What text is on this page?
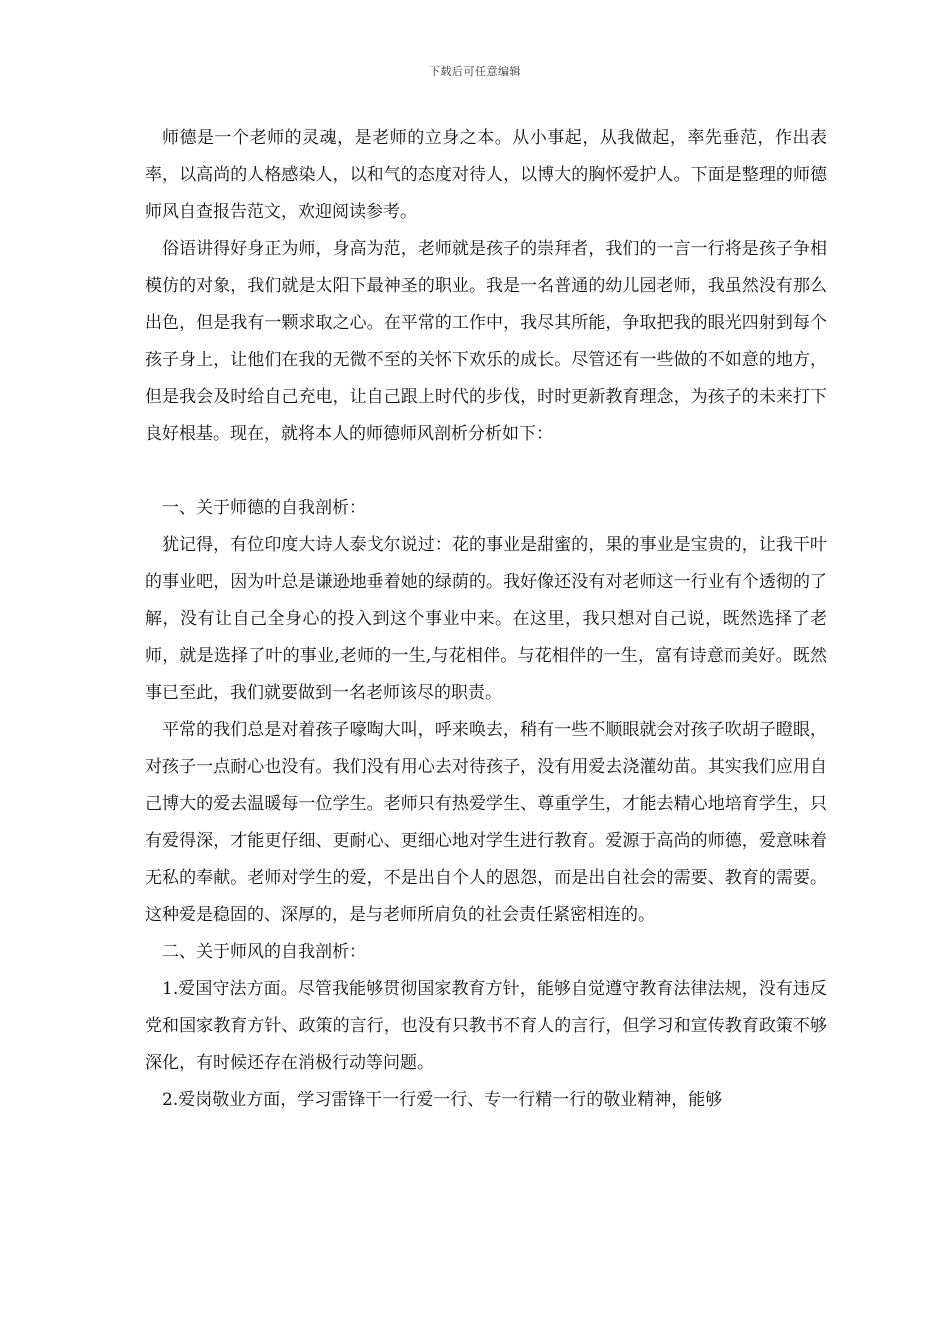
下载后可任意编辑

师德是一个老师的灵魂，是老师的立身之本。从小事起，从我做起，率先垂范，作出表率，以高尚的人格感染人，以和气的态度对待人，以博大的胸怀爱护人。下面是整理的师德师风自查报告范文，欢迎阅读参考。

俗语讲得好身正为师，身高为范，老师就是孩子的崇拜者，我们的一言一行将是孩子争相模仿的对象，我们就是太阳下最神圣的职业。我是一名普通的幼儿园老师，我虽然没有那么出色，但是我有一颗求取之心。在平常的工作中，我尽其所能，争取把我的眼光四射到每个孩子身上，让他们在我的无微不至的关怀下欢乐的成长。尽管还有一些做的不如意的地方，但是我会及时给自己充电，让自己跟上时代的步伐，时时更新教育理念，为孩子的未来打下良好根基。现在，就将本人的师德师风剖析分析如下：

一、关于师德的自我剖析：

犹记得，有位印度大诗人泰戈尔说过：花的事业是甜蜜的，果的事业是宝贵的，让我干叶的事业吧，因为叶总是谦逊地垂着她的绿荫的。我好像还没有对老师这一行业有个透彻的了解，没有让自己全身心的投入到这个事业中来。在这里，我只想对自己说，既然选择了老师，就是选择了叶的事业,老师的一生,与花相伴。与花相伴的一生，富有诗意而美好。既然事已至此，我们就要做到一名老师该尽的职责。

平常的我们总是对着孩子嚎啕大叫，呼来唤去，稍有一些不顺眼就会对孩子吹胡子瞪眼，对孩子一点耐心也没有。我们没有用心去对待孩子，没有用爱去浇灌幼苗。其实我们应用自己博大的爱去温暖每一位学生。老师只有热爱学生、尊重学生，才能去精心地培育学生，只有爱得深，才能更仔细、更耐心、更细心地对学生进行教育。爱源于高尚的师德，爱意味着无私的奉献。老师对学生的爱，不是出自个人的恩怨，而是出自社会的需要、教育的需要。这种爱是稳固的、深厚的，是与老师所肩负的社会责任紧密相连的。

二、关于师风的自我剖析：

1.爱国守法方面。尽管我能够贯彻国家教育方针，能够自觉遵守教育法律法规，没有违反党和国家教育方针、政策的言行，也没有只教书不育人的言行，但学习和宣传教育政策不够深化，有时候还存在消极行动等问题。

2.爱岗敬业方面，学习雷锋干一行爱一行、专一行精一行的敬业精神，能够
